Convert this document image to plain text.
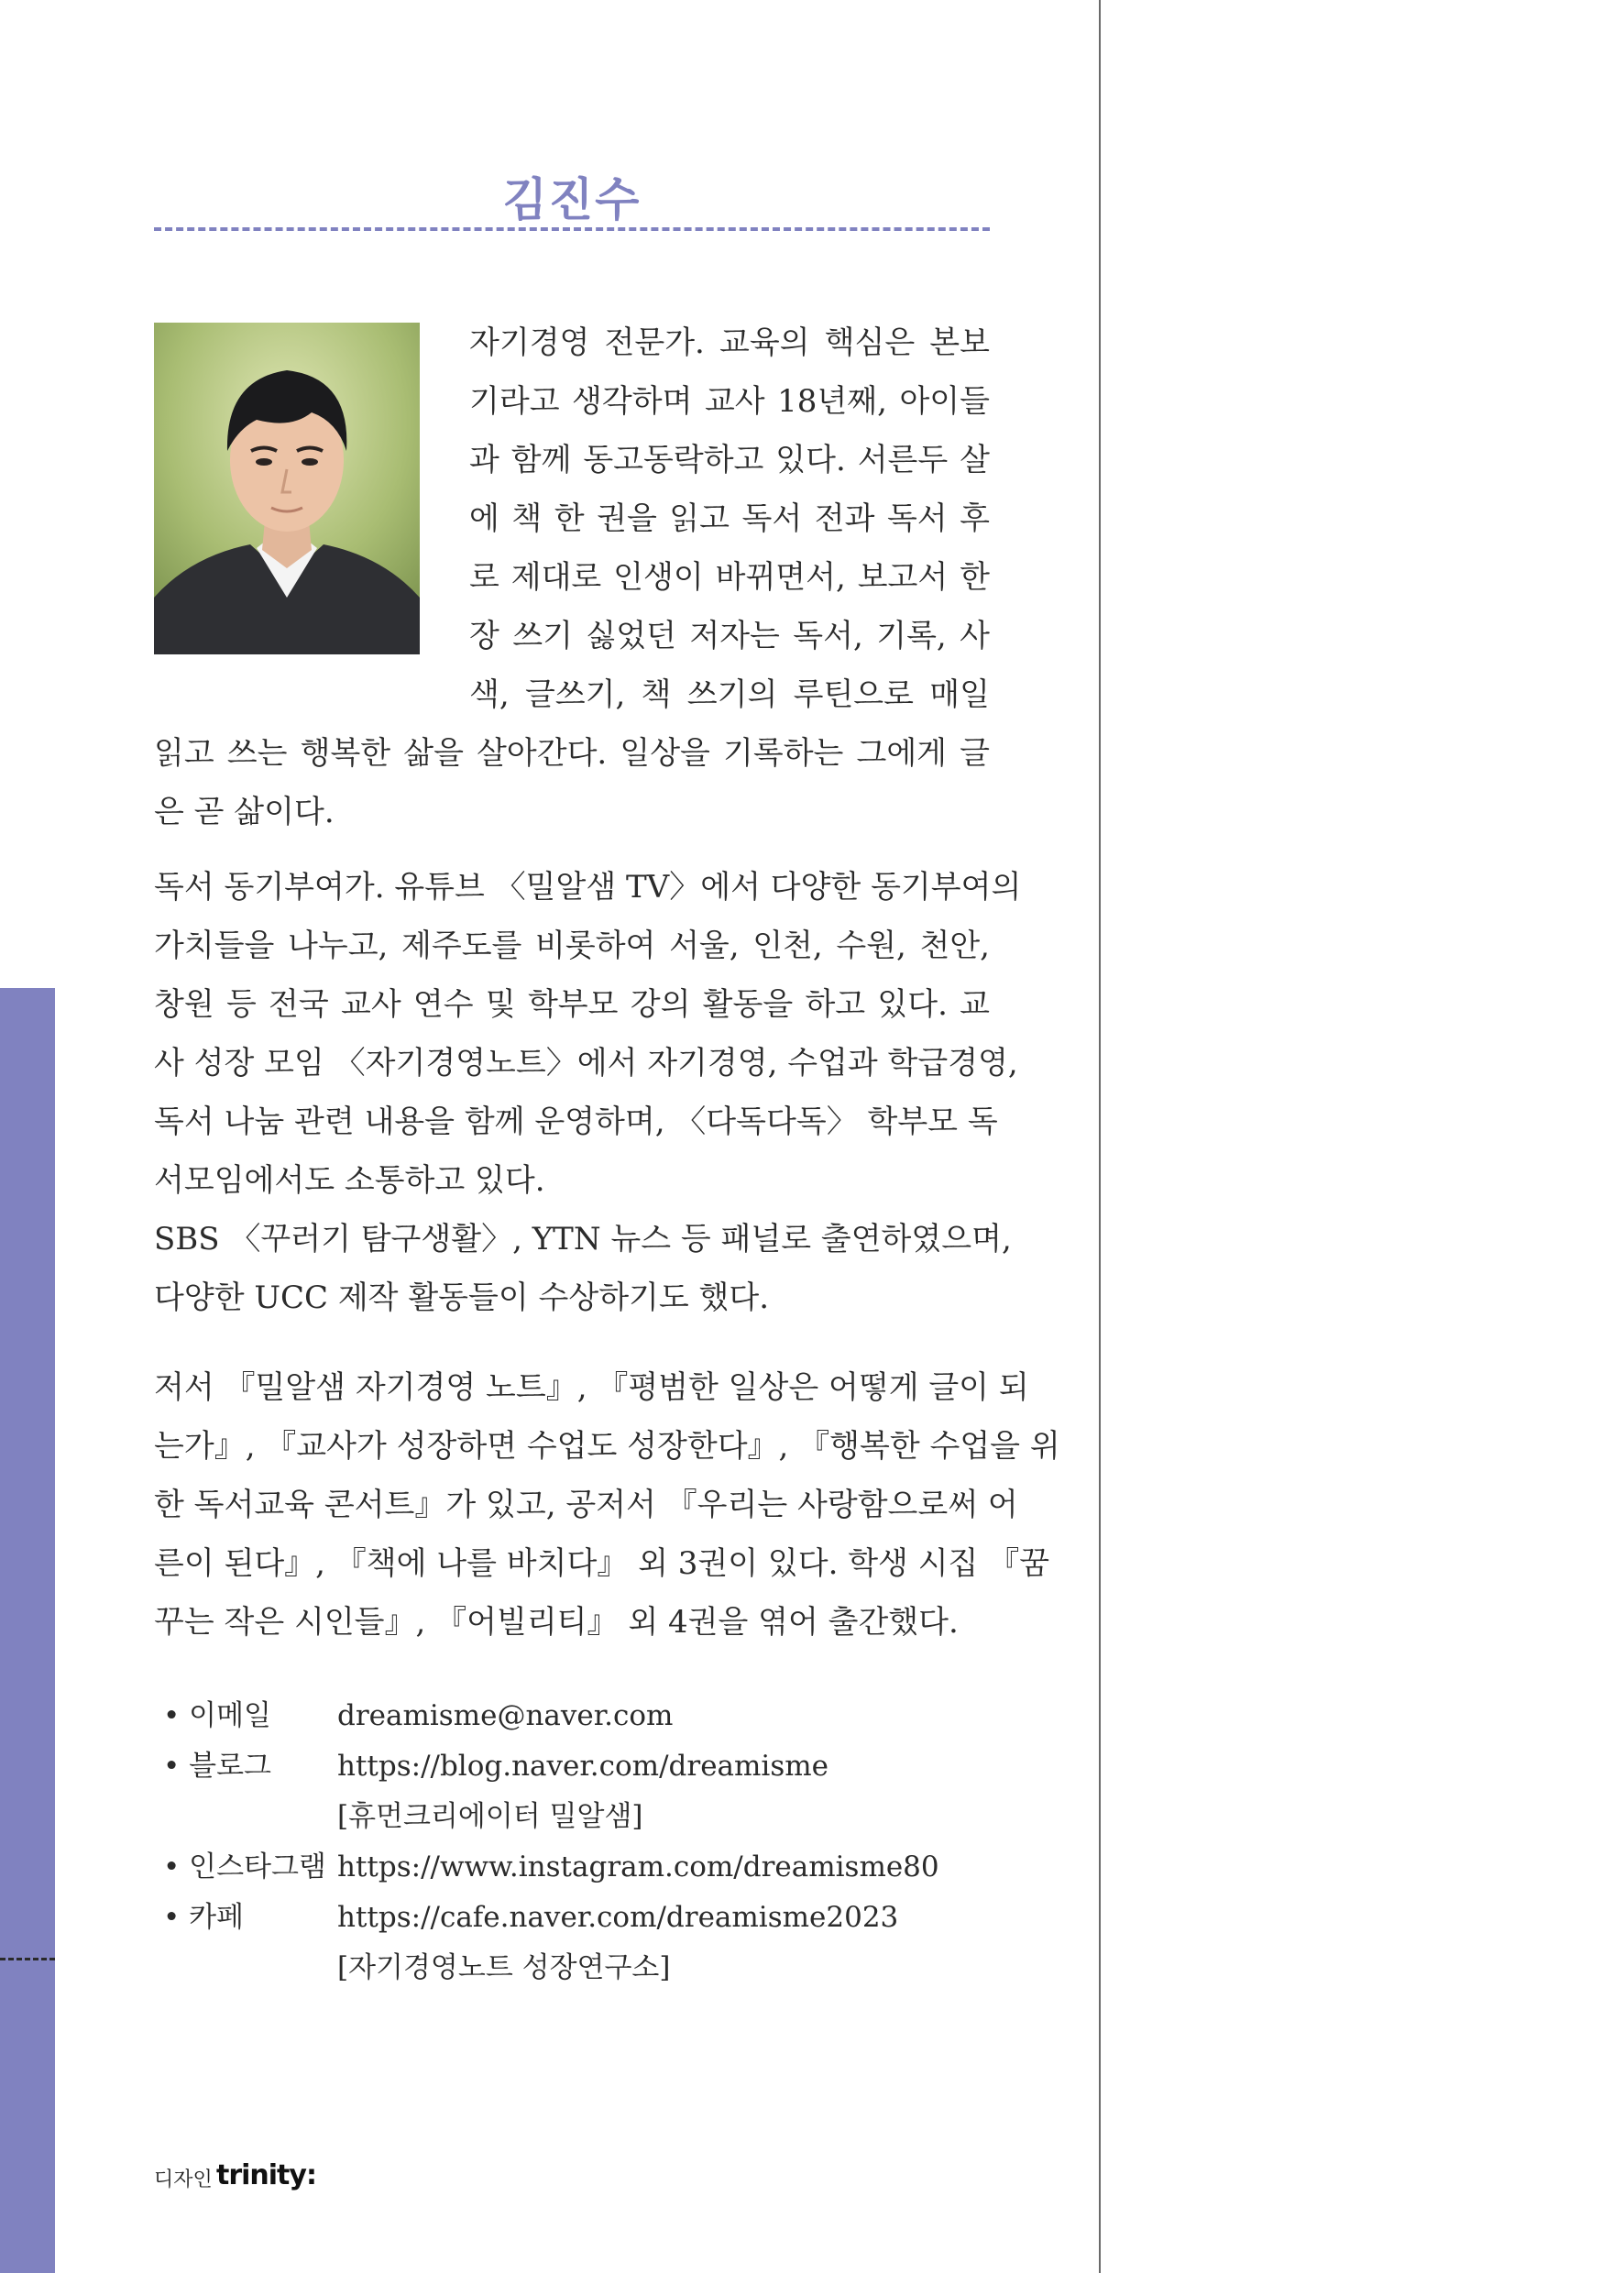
김진수

자기경영 전문가. 교육의 핵심은 본보

기라고 생각하며 교사 18년째, 아이들

과 함께 동고동락하고 있다. 서른두 살

에 책 한 권을 읽고 독서 전과 독서 후

로 제대로 인생이 바뀌면서, 보고서 한

장 쓰기 싫었던 저자는 독서, 기록, 사

색, 글쓰기, 책 쓰기의 루틴으로 매일

읽고 쓰는 행복한 삶을 살아간다. 일상을 기록하는 그에게 글

은 곧 삶이다.

독서 동기부여가. 유튜브 〈밀알샘 TV〉에서 다양한 동기부여의

가치들을 나누고, 제주도를 비롯하여 서울, 인천, 수원, 천안,

창원 등 전국 교사 연수 및 학부모 강의 활동을 하고 있다. 교

사 성장 모임 〈자기경영노트〉에서 자기경영, 수업과 학급경영,

독서 나눔 관련 내용을 함께 운영하며, 〈다독다독〉 학부모 독

서모임에서도 소통하고 있다.

SBS 〈꾸러기 탐구생활〉, YTN 뉴스 등 패널로 출연하였으며,

다양한 UCC 제작 활동들이 수상하기도 했다.

저서 『밀알샘 자기경영 노트』, 『평범한 일상은 어떻게 글이 되

는가』, 『교사가 성장하면 수업도 성장한다』, 『행복한 수업을 위

한 독서교육 콘서트』가 있고, 공저서 『우리는 사랑함으로써 어

른이 된다』, 『책에 나를 바치다』 외 3권이 있다. 학생 시집 『꿈

꾸는 작은 시인들』, 『어빌리티』 외 4권을 엮어 출간했다.

• 이메일 dreamisme@naver.com
• 블로그 https://blog.naver.com/dreamisme
[휴먼크리에이터 밀알샘]
• 인스타그램 https://www.instagram.com/dreamisme80
• 카페	https://cafe.naver.com/dreamisme2023
[자기경영노트 성장연구소]
디자인 trinity:
